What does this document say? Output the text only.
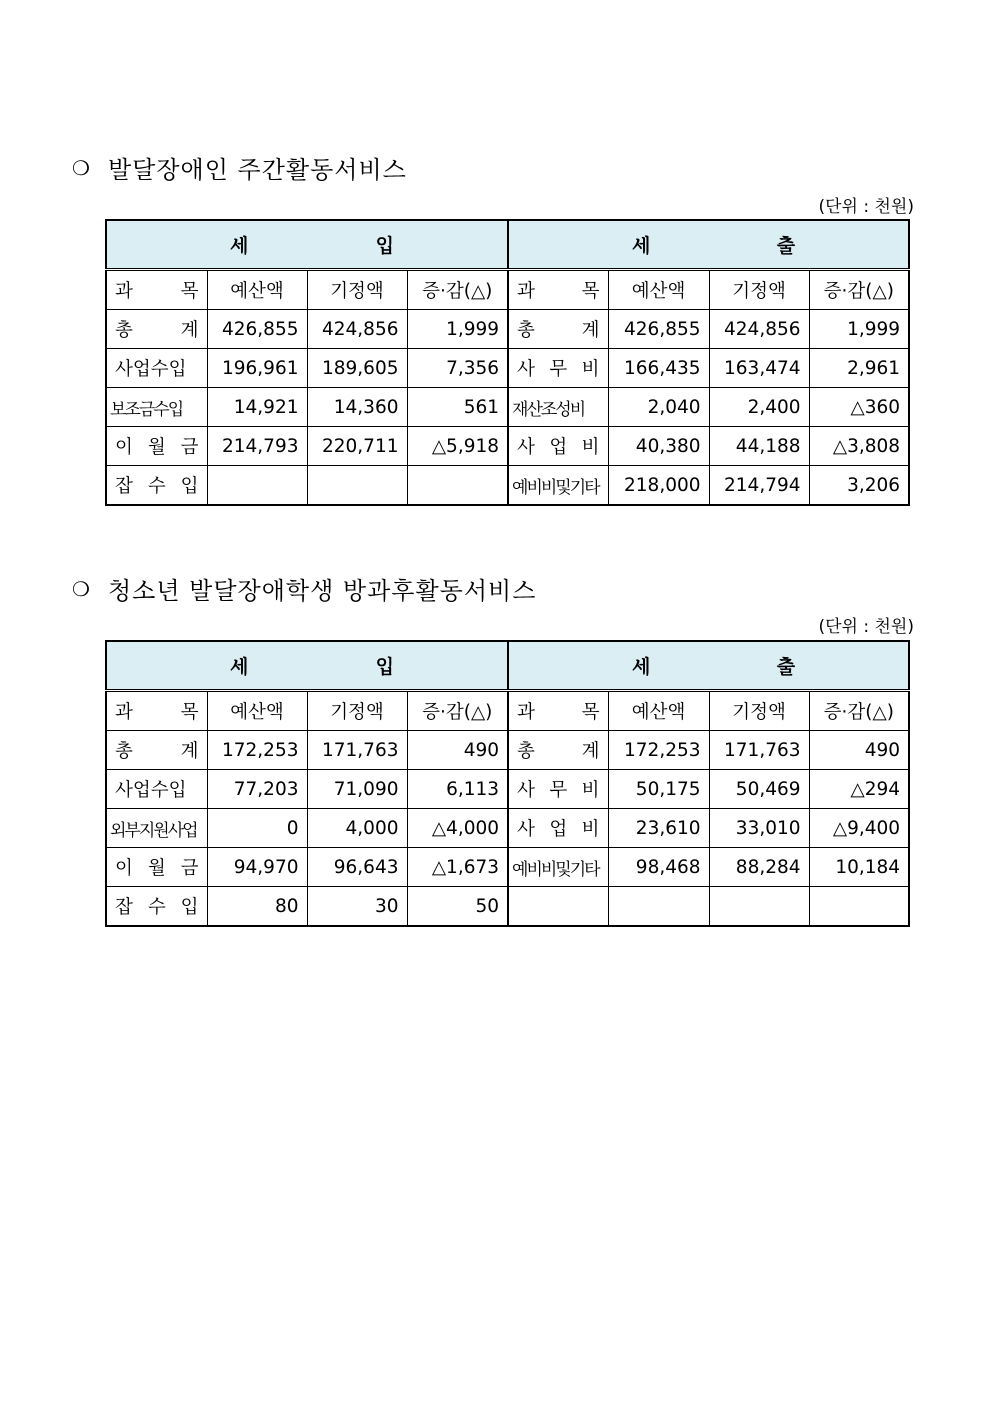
❍ 발달장애인 주간활동서비스
(단위 : 천원)
세 입				세 출			

과 목	예산액	기정액	증·감(△)	과 목	예산액	기정액	증·감(△)

총 계	426,855	424,856	1,999	총 계	426,855	424,856	1,999

사업수입	196,961	189,605	7,356	사 무 비	166,435	163,474	2,961

보조금수입	14,921	14,360	561	재산조성비	2,040	2,400	△360

이 월 금	214,793	220,711	△5,918	사 업 비	40,380	44,188	△3,808

잡 수 입				예비비및기타	218,000	214,794	3,206
❍ 청소년 발달장애학생 방과후활동서비스
(단위 : 천원)
세 입				세 출			

과 목	예산액	기정액	증·감(△)	과 목	예산액	기정액	증·감(△)

총 계	172,253	171,763	490	총 계	172,253	171,763	490

사업수입	77,203	71,090	6,113	사 무 비	50,175	50,469	△294

외부지원사업	0	4,000	△4,000	사 업 비	23,610	33,010	△9,400

이 월 금	94,970	96,643	△1,673	예비비및기타	98,468	88,284	10,184

잡 수 입	80	30	50	
